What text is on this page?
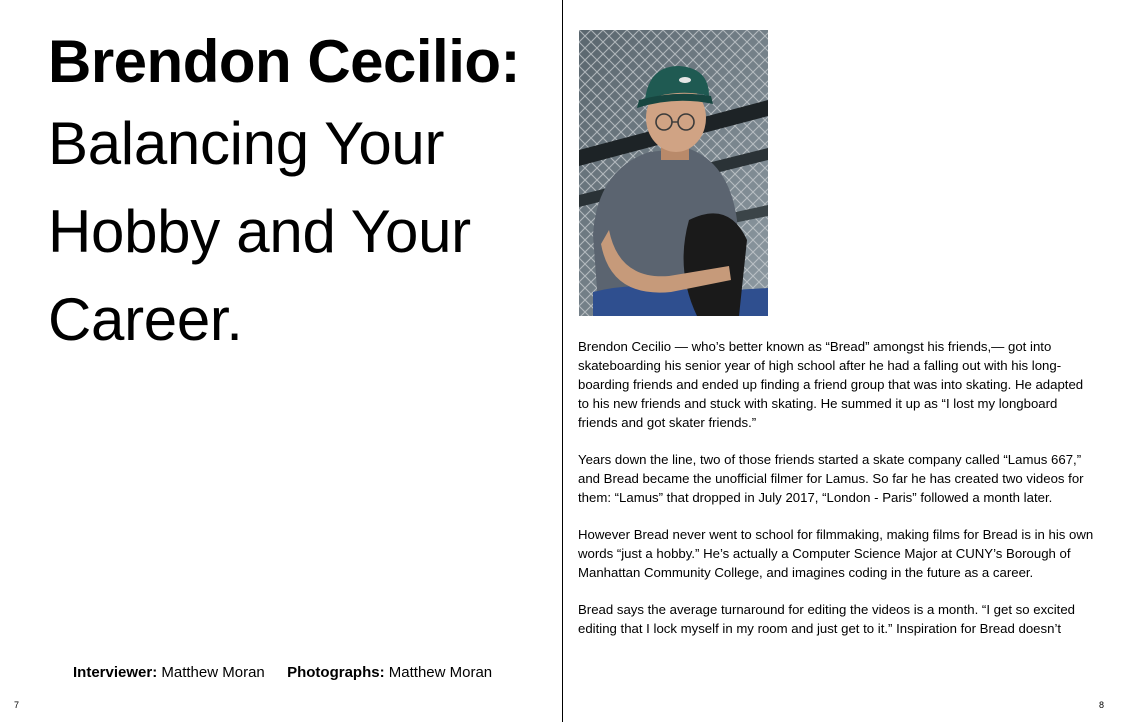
Brendon Cecilio:
Balancing Your
Hobby and Your
Career.
Interviewer: Matthew Moran Photographs: Matthew Moran
7

Brendon Cecilio — who’s better known as “Bread” amongst his friends,— got into skateboarding his senior year of high school after he had a falling out with his long-boarding friends and ended up finding a friend group that was into skating. He adapted to his new friends and stuck with skating. He summed it up as “I lost my longboard friends and got skater friends.”

Years down the line, two of those friends started a skate company called “Lamus 667,” and Bread became the unofficial filmer for Lamus. So far he has created two videos for them: “Lamus” that dropped in July 2017, “London - Paris” followed a month later.

However Bread never went to school for filmmaking, making films for Bread is in his own words “just a hobby.” He’s actually a Computer Science Major at CUNY’s Borough of Manhattan Community College, and imagines coding in the future as a career.

Bread says the average turnaround for editing the videos is a month. “I get so excited editing that I lock myself in my room and just get to it.” Inspiration for Bread doesn’t

8
